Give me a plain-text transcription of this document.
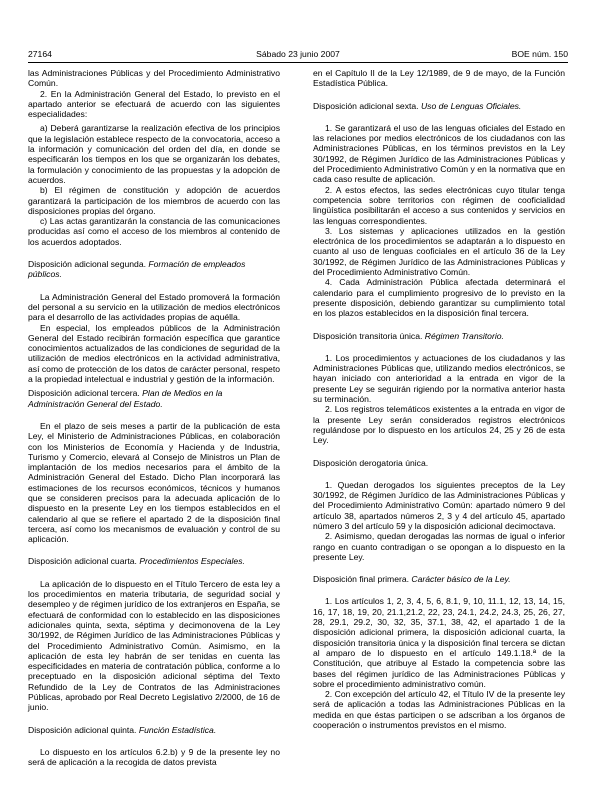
27164	Sábado 23 junio 2007	BOE núm. 150

las Administraciones Públicas y del Procedimiento Administrativo Común.

2. En la Administración General del Estado, lo previsto en el apartado anterior se efectuará de acuerdo con las siguientes especialidades:

a) Deberá garantizarse la realización efectiva de los principios que la legislación establece respecto de la convocatoria, acceso a la información y comunicación del orden del día, en donde se especificarán los tiempos en los que se organizarán los debates, la formulación y conocimiento de las propuestas y la adopción de acuerdos.

b) El régimen de constitución y adopción de acuerdos garantizará la participación de los miembros de acuerdo con las disposiciones propias del órgano.

c) Las actas garantizarán la constancia de las comunicaciones producidas así como el acceso de los miembros al contenido de los acuerdos adoptados.

Disposición adicional segunda. Formación de empleados públicos.

La Administración General del Estado promoverá la formación del personal a su servicio en la utilización de medios electrónicos para el desarrollo de las actividades propias de aquélla.

En especial, los empleados públicos de la Administración General del Estado recibirán formación específica que garantice conocimientos actualizados de las condiciones de seguridad de la utilización de medios electrónicos en la actividad administrativa, así como de protección de los datos de carácter personal, respeto a la propiedad intelectual e industrial y gestión de la información.

Disposición adicional tercera. Plan de Medios en la Administración General del Estado.

En el plazo de seis meses a partir de la publicación de esta Ley, el Ministerio de Administraciones Públicas, en colaboración con los Ministerios de Economía y Hacienda y de Industria, Turismo y Comercio, elevará al Consejo de Ministros un Plan de implantación de los medios necesarios para el ámbito de la Administración General del Estado. Dicho Plan incorporará las estimaciones de los recursos económicos, técnicos y humanos que se consideren precisos para la adecuada aplicación de lo dispuesto en la presente Ley en los tiempos establecidos en el calendario al que se refiere el apartado 2 de la disposición final tercera, así como los mecanismos de evaluación y control de su aplicación.

Disposición adicional cuarta. Procedimientos Especiales.

La aplicación de lo dispuesto en el Título Tercero de esta ley a los procedimientos en materia tributaria, de seguridad social y desempleo y de régimen jurídico de los extranjeros en España, se efectuará de conformidad con lo establecido en las disposiciones adicionales quinta, sexta, séptima y decimonovena de la Ley 30/1992, de Régimen Jurídico de las Administraciones Públicas y del Procedimiento Administrativo Común. Asimismo, en la aplicación de esta ley habrán de ser tenidas en cuenta las especificidades en materia de contratación pública, conforme a lo preceptuado en la disposición adicional séptima del Texto Refundido de la Ley de Contratos de las Administraciones Públicas, aprobado por Real Decreto Legislativo 2/2000, de 16 de junio.

Disposición adicional quinta. Función Estadística.

Lo dispuesto en los artículos 6.2.b) y 9 de la presente ley no será de aplicación a la recogida de datos prevista

en el Capítulo II de la Ley 12/1989, de 9 de mayo, de la Función Estadística Pública.

Disposición adicional sexta. Uso de Lenguas Oficiales.

1. Se garantizará el uso de las lenguas oficiales del Estado en las relaciones por medios electrónicos de los ciudadanos con las Administraciones Públicas, en los términos previstos en la Ley 30/1992, de Régimen Jurídico de las Administraciones Públicas y del Procedimiento Administrativo Común y en la normativa que en cada caso resulte de aplicación.

2. A estos efectos, las sedes electrónicas cuyo titular tenga competencia sobre territorios con régimen de cooficialidad lingüística posibilitarán el acceso a sus contenidos y servicios en las lenguas correspondientes.

3. Los sistemas y aplicaciones utilizados en la gestión electrónica de los procedimientos se adaptarán a lo dispuesto en cuanto al uso de lenguas cooficiales en el artículo 36 de la Ley 30/1992, de Régimen Jurídico de las Administraciones Públicas y del Procedimiento Administrativo Común.

4. Cada Administración Pública afectada determinará el calendario para el cumplimiento progresivo de lo previsto en la presente disposición, debiendo garantizar su cumplimiento total en los plazos establecidos en la disposición final tercera.

Disposición transitoria única. Régimen Transitorio.

1. Los procedimientos y actuaciones de los ciudadanos y las Administraciones Públicas que, utilizando medios electrónicos, se hayan iniciado con anterioridad a la entrada en vigor de la presente Ley se seguirán rigiendo por la normativa anterior hasta su terminación.

2. Los registros telemáticos existentes a la entrada en vigor de la presente Ley serán considerados registros electrónicos regulándose por lo dispuesto en los artículos 24, 25 y 26 de esta Ley.

Disposición derogatoria única.

1. Quedan derogados los siguientes preceptos de la Ley 30/1992, de Régimen Jurídico de las Administraciones Públicas y del Procedimiento Administrativo Común: apartado número 9 del artículo 38, apartados números 2, 3 y 4 del artículo 45, apartado número 3 del artículo 59 y la disposición adicional decimoctava.

2. Asimismo, quedan derogadas las normas de igual o inferior rango en cuanto contradigan o se opongan a lo dispuesto en la presente Ley.

Disposición final primera. Carácter básico de la Ley.

1. Los artículos 1, 2, 3, 4, 5, 6, 8.1, 9, 10, 11.1, 12, 13, 14, 15, 16, 17, 18, 19, 20, 21.1,21.2, 22, 23, 24.1, 24.2, 24.3, 25, 26, 27, 28, 29.1, 29.2, 30, 32, 35, 37.1, 38, 42, el apartado 1 de la disposición adicional primera, la disposición adicional cuarta, la disposición transitoria única y la disposición final tercera se dictan al amparo de lo dispuesto en el artículo 149.1.18.ª de la Constitución, que atribuye al Estado la competencia sobre las bases del régimen jurídico de las Administraciones Públicas y sobre el procedimiento administrativo común.

2. Con excepción del artículo 42, el Título IV de la presente ley será de aplicación a todas las Administraciones Públicas en la medida en que éstas participen o se adscriban a los órganos de cooperación o instrumentos previstos en el mismo.
